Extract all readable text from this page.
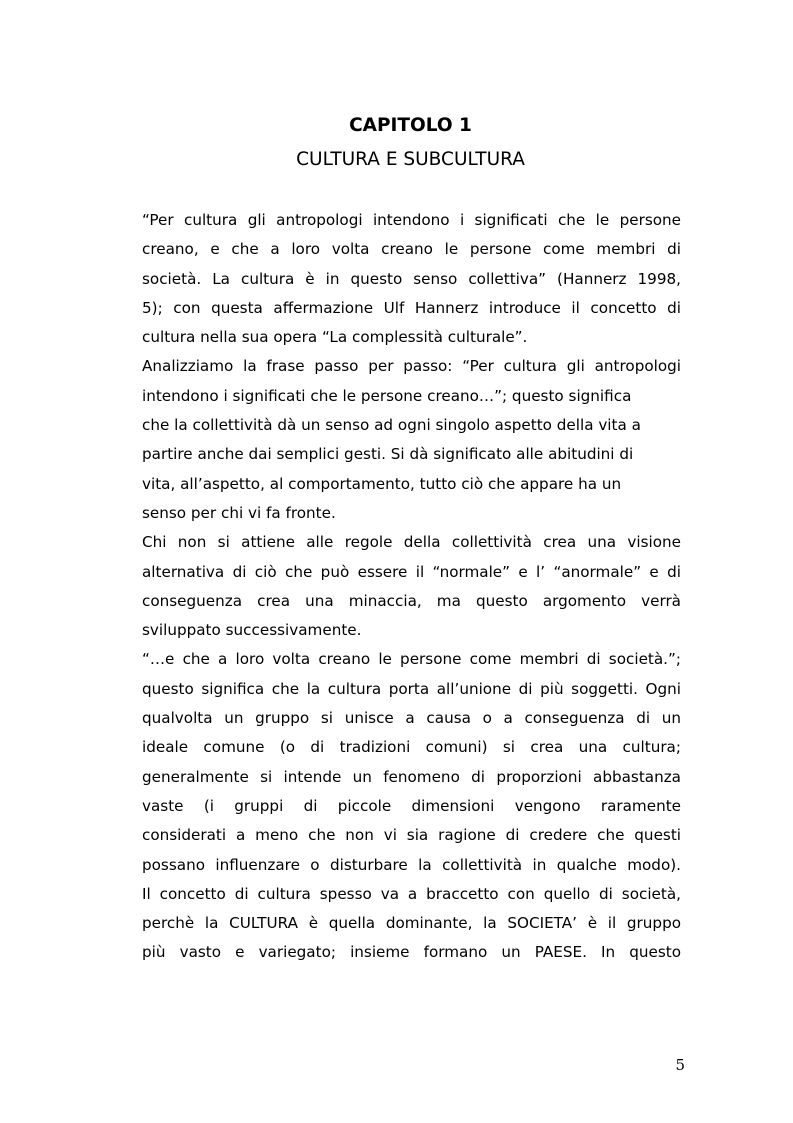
CAPITOLO 1
CULTURA E SUBCULTURA
“Per cultura gli antropologi intendono i significati che le persone
creano, e che a loro volta creano le persone come membri di
società. La cultura è in questo senso collettiva” (Hannerz 1998,
5); con questa affermazione Ulf Hannerz introduce il concetto di
cultura nella sua opera “La complessità culturale”.
Analizziamo la frase passo per passo: “Per cultura gli antropologi
intendono i significati che le persone creano…”; questo significa
che la collettività dà un senso ad ogni singolo aspetto della vita a
partire anche dai semplici gesti. Si dà significato alle abitudini di
vita, all’aspetto, al comportamento, tutto ciò che appare ha un
senso per chi vi fa fronte.
Chi non si attiene alle regole della collettività crea una visione
alternativa di ciò che può essere il “normale” e l’ “anormale” e di
conseguenza crea una minaccia, ma questo argomento verrà
sviluppato successivamente.
“…e che a loro volta creano le persone come membri di società.”;
questo significa che la cultura porta all’unione di più soggetti. Ogni
qualvolta un gruppo si unisce a causa o a conseguenza di un
ideale comune (o di tradizioni comuni) si crea una cultura;
generalmente si intende un fenomeno di proporzioni abbastanza
vaste (i gruppi di piccole dimensioni vengono raramente
considerati a meno che non vi sia ragione di credere che questi
possano influenzare o disturbare la collettività in qualche modo).
Il concetto di cultura spesso va a braccetto con quello di società,
perchè la CULTURA è quella dominante, la SOCIETA’ è il gruppo
più vasto e variegato; insieme formano un PAESE. In questo
5
